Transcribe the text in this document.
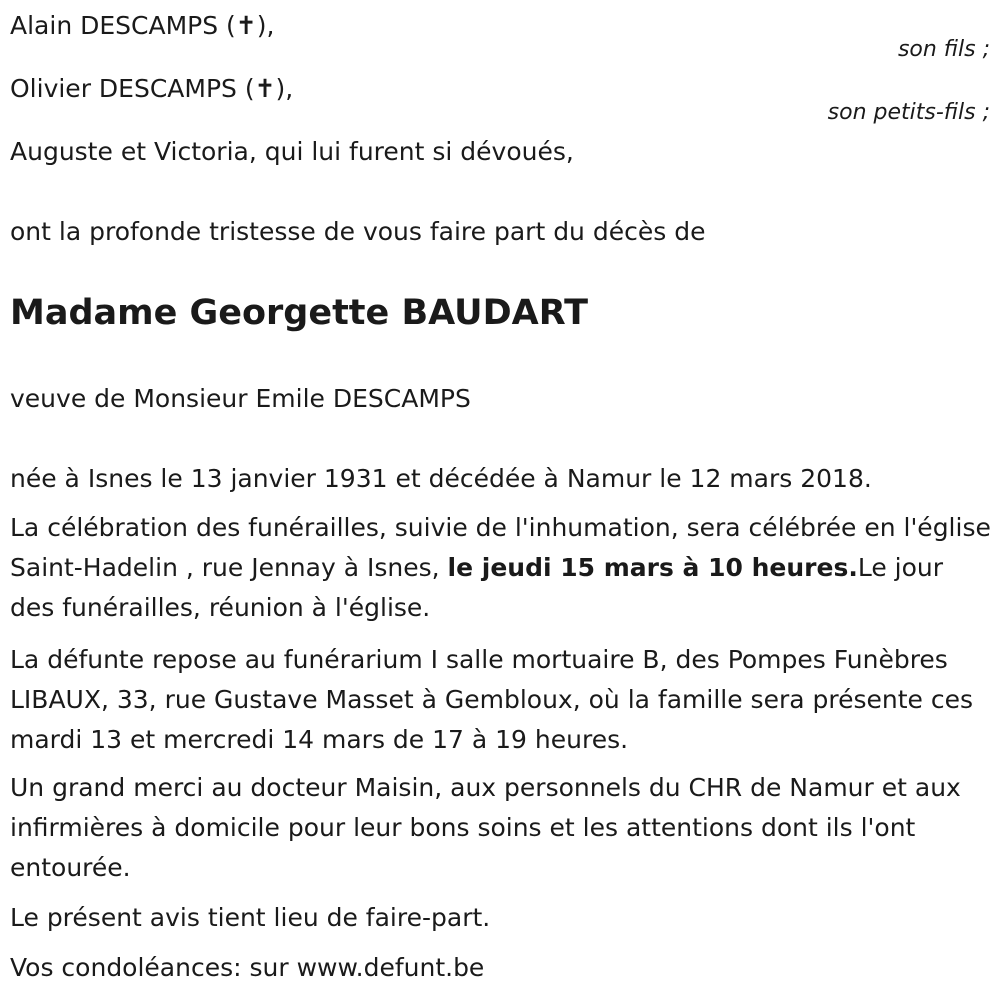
Alain DESCAMPS (✝),
son fils ;
Olivier DESCAMPS (✝),
son petits-fils ;
Auguste et Victoria, qui lui furent si dévoués,
ont la profonde tristesse de vous faire part du décès de
Madame Georgette BAUDART
veuve de Monsieur Emile DESCAMPS
née à Isnes le 13 janvier 1931 et décédée à Namur le 12 mars 2018.
La célébration des funérailles, suivie de l'inhumation, sera célébrée en l'église Saint-Hadelin , rue Jennay à Isnes, le jeudi 15 mars à 10 heures.Le jour des funérailles, réunion à l'église.
La défunte repose au funérarium I salle mortuaire B, des Pompes Funèbres LIBAUX, 33, rue Gustave Masset à Gembloux, où la famille sera présente ces mardi 13 et mercredi 14 mars de 17 à 19 heures.
Un grand merci au docteur Maisin, aux personnels du CHR de Namur et aux infirmières à domicile pour leur bons soins et les attentions dont ils l'ont entourée.
Le présent avis tient lieu de faire-part.
Vos condoléances: sur www.defunt.be
